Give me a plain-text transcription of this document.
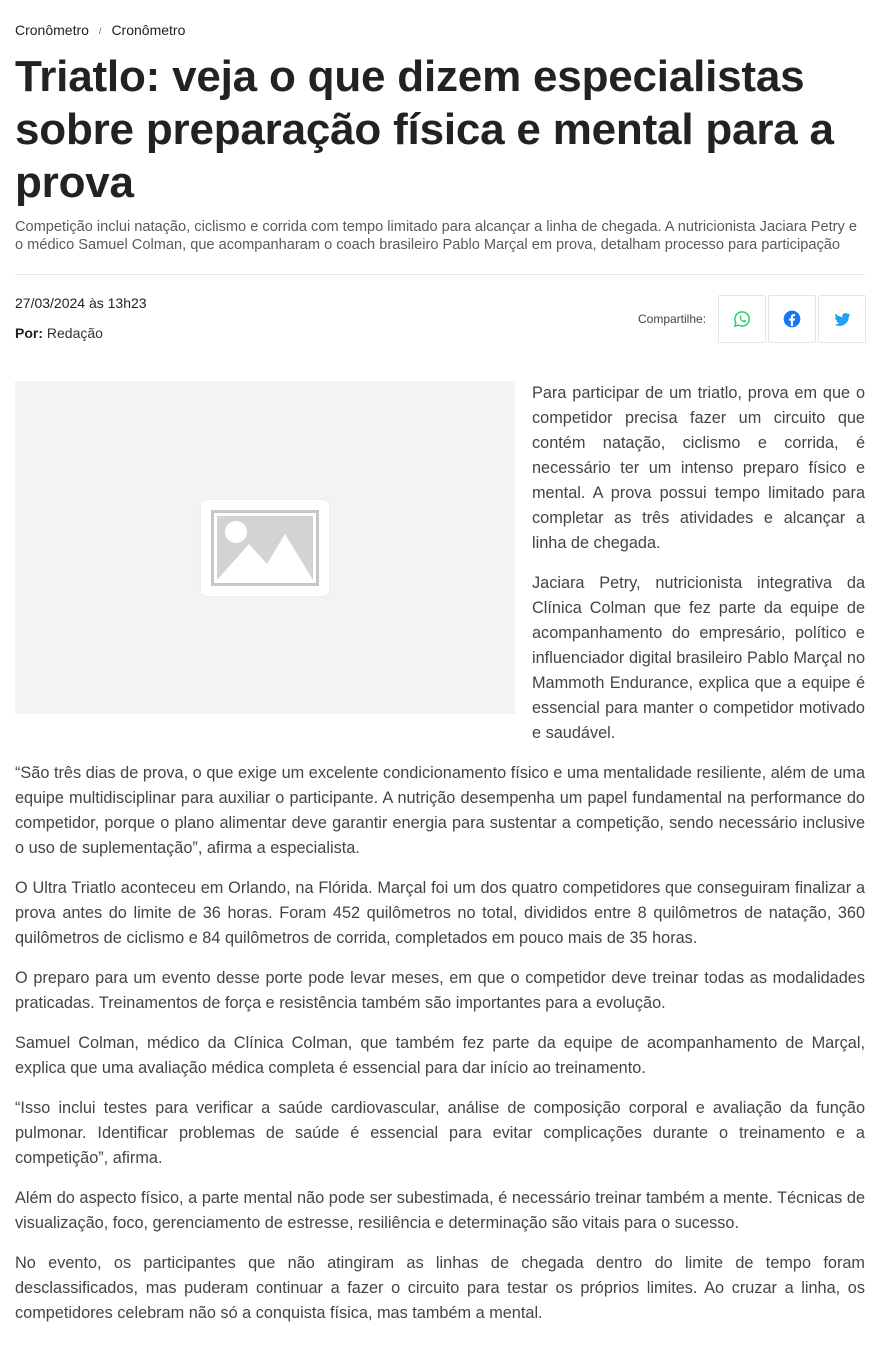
Cronômetro / Cronômetro
Triatlo: veja o que dizem especialistas sobre preparação física e mental para a prova

Competição inclui natação, ciclismo e corrida com tempo limitado para alcançar a linha de chegada. A nutricionista Jaciara Petry e o médico Samuel Colman, que acompanharam o coach brasileiro Pablo Marçal em prova, detalham processo para participação

27/03/2024 às 13h23
Por: Redação
Compartilhe:

Para participar de um triatlo, prova em que o competidor precisa fazer um circuito que contém natação, ciclismo e corrida, é necessário ter um intenso preparo físico e mental. A prova possui tempo limitado para completar as três atividades e alcançar a linha de chegada.

Jaciara Petry, nutricionista integrativa da Clínica Colman que fez parte da equipe de acompanhamento do empresário, político e influenciador digital brasileiro Pablo Marçal no Mammoth Endurance, explica que a equipe é essencial para manter o competidor motivado e saudável.

“São três dias de prova, o que exige um excelente condicionamento físico e uma mentalidade resiliente, além de uma equipe multidisciplinar para auxiliar o participante. A nutrição desempenha um papel fundamental na performance do competidor, porque o plano alimentar deve garantir energia para sustentar a competição, sendo necessário inclusive o uso de suplementação”, afirma a especialista.

O Ultra Triatlo aconteceu em Orlando, na Flórida. Marçal foi um dos quatro competidores que conseguiram finalizar a prova antes do limite de 36 horas. Foram 452 quilômetros no total, divididos entre 8 quilômetros de natação, 360 quilômetros de ciclismo e 84 quilômetros de corrida, completados em pouco mais de 35 horas.

O preparo para um evento desse porte pode levar meses, em que o competidor deve treinar todas as modalidades praticadas. Treinamentos de força e resistência também são importantes para a evolução.

Samuel Colman, médico da Clínica Colman, que também fez parte da equipe de acompanhamento de Marçal, explica que uma avaliação médica completa é essencial para dar início ao treinamento.

“Isso inclui testes para verificar a saúde cardiovascular, análise de composição corporal e avaliação da função pulmonar. Identificar problemas de saúde é essencial para evitar complicações durante o treinamento e a competição”, afirma.

Além do aspecto físico, a parte mental não pode ser subestimada, é necessário treinar também a mente. Técnicas de visualização, foco, gerenciamento de estresse, resiliência e determinação são vitais para o sucesso.

No evento, os participantes que não atingiram as linhas de chegada dentro do limite de tempo foram desclassificados, mas puderam continuar a fazer o circuito para testar os próprios limites. Ao cruzar a linha, os competidores celebram não só a conquista física, mas também a mental.
